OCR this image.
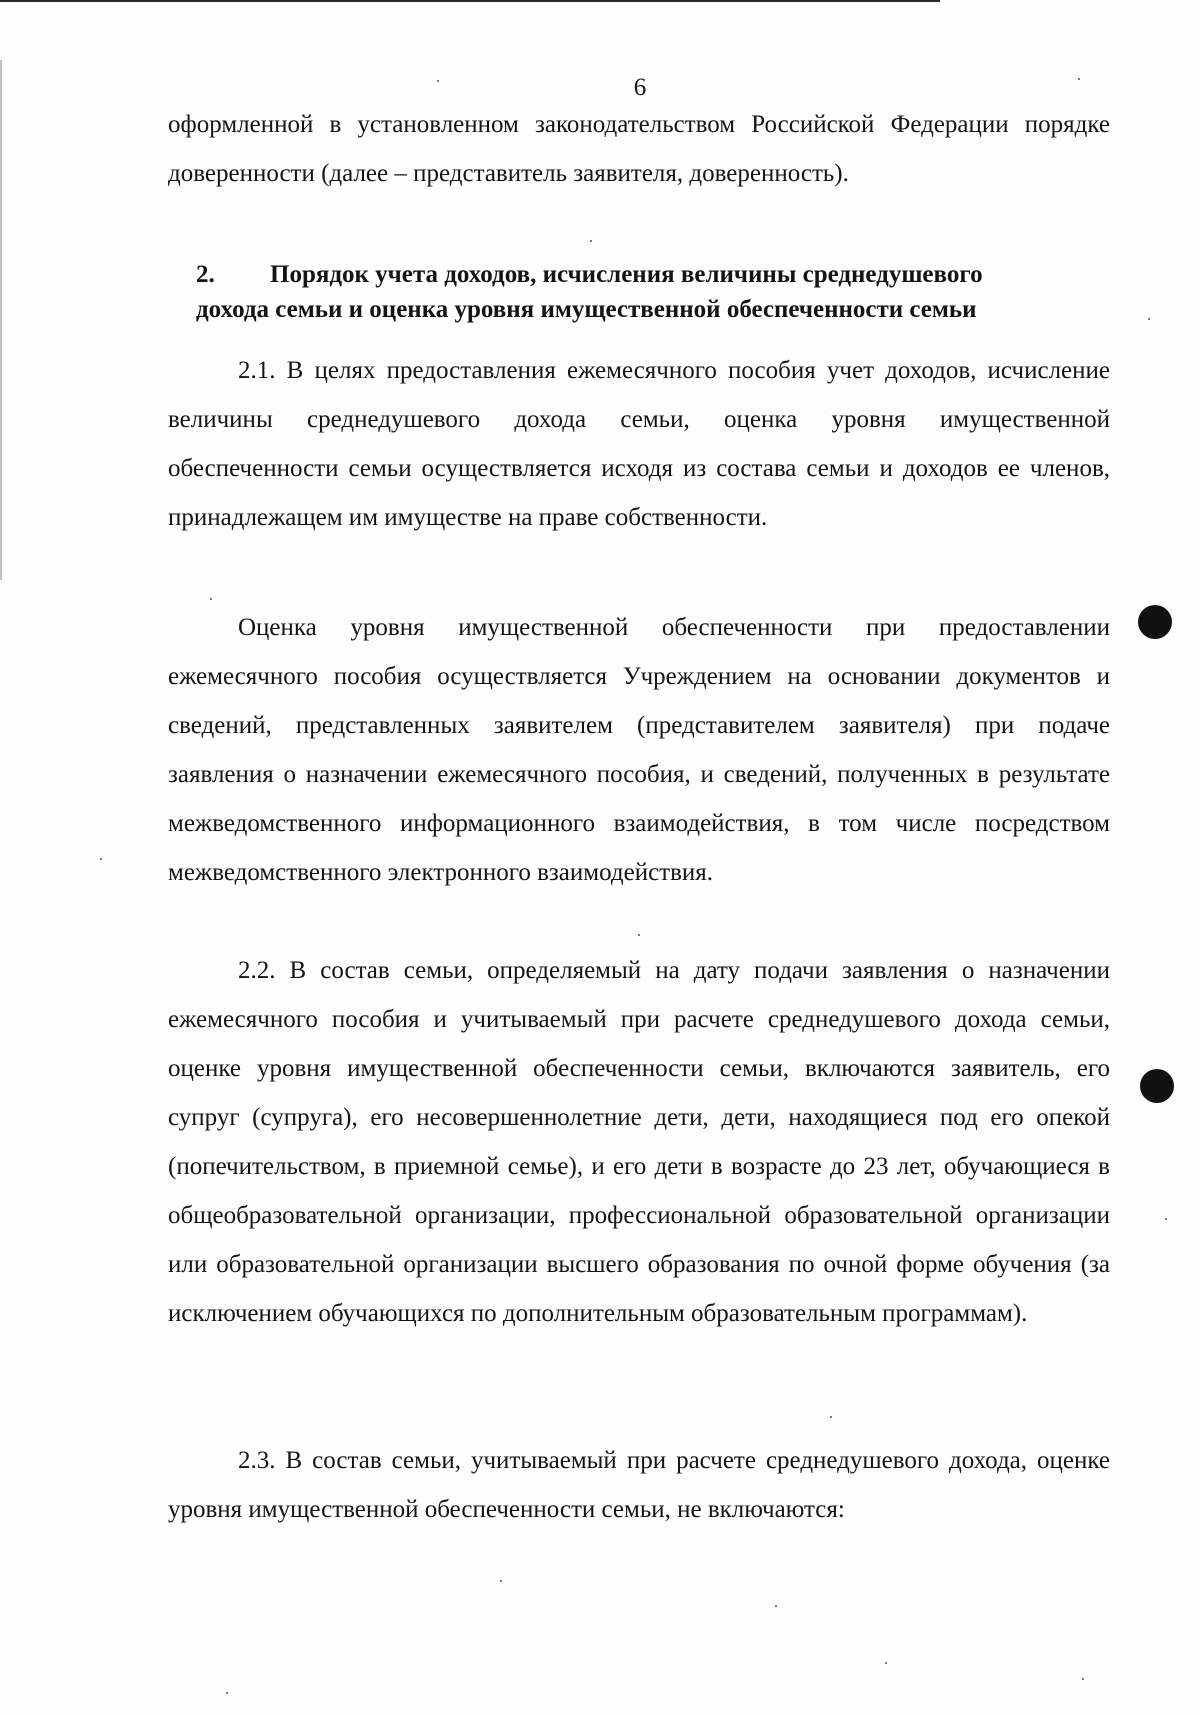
6

оформленной в установленном законодательством Российской Федерации порядке доверенности (далее – представитель заявителя, доверенность).

2. Порядок учета доходов, исчисления величины среднедушевого
дохода семьи и оценка уровня имущественной обеспеченности семьи

2.1. В целях предоставления ежемесячного пособия учет доходов, исчисление величины среднедушевого дохода семьи, оценка уровня имущественной обеспеченности семьи осуществляется исходя из состава семьи и доходов ее членов, принадлежащем им имуществе на праве собственности.

Оценка уровня имущественной обеспеченности при предоставлении ежемесячного пособия осуществляется Учреждением на основании документов и сведений, представленных заявителем (представителем заявителя) при подаче заявления о назначении ежемесячного пособия, и сведений, полученных в результате межведомственного информационного взаимодействия, в том числе посредством межведомственного электронного взаимодействия.

2.2. В состав семьи, определяемый на дату подачи заявления о назначении ежемесячного пособия и учитываемый при расчете среднедушевого дохода семьи, оценке уровня имущественной обеспеченности семьи, включаются заявитель, его супруг (супруга), его несовершеннолетние дети, дети, находящиеся под его опекой (попечительством, в приемной семье), и его дети в возрасте до 23 лет, обучающиеся в общеобразовательной организации, профессиональной образовательной организации или образовательной организации высшего образования по очной форме обучения (за исключением обучающихся по дополнительным образовательным программам).

2.3. В состав семьи, учитываемый при расчете среднедушевого дохода, оценке уровня имущественной обеспеченности семьи, не включаются:
